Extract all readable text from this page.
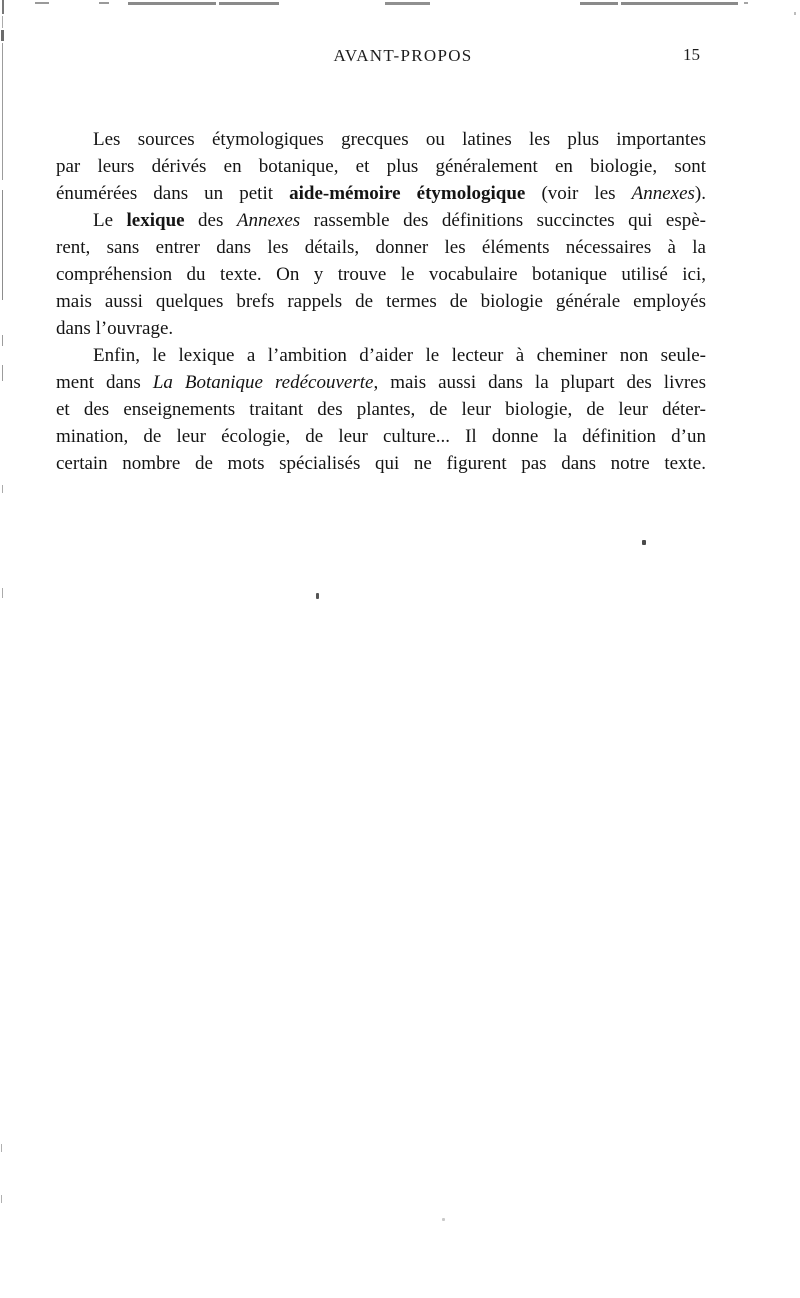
AVANT-PROPOS	15
Les sources étymologiques grecques ou latines les plus importantes
par leurs dérivés en botanique, et plus généralement en biologie, sont
énumérées dans un petit aide-mémoire étymologique (voir les Annexes).
Le lexique des Annexes rassemble des définitions succinctes qui espè-
rent, sans entrer dans les détails, donner les éléments nécessaires à la
compréhension du texte. On y trouve le vocabulaire botanique utilisé ici,
mais aussi quelques brefs rappels de termes de biologie générale employés
dans l’ouvrage.
Enfin, le lexique a l’ambition d’aider le lecteur à cheminer non seule-
ment dans La Botanique redécouverte, mais aussi dans la plupart des livres
et des enseignements traitant des plantes, de leur biologie, de leur déter-
mination, de leur écologie, de leur culture... Il donne la définition d’un
certain nombre de mots spécialisés qui ne figurent pas dans notre texte.
